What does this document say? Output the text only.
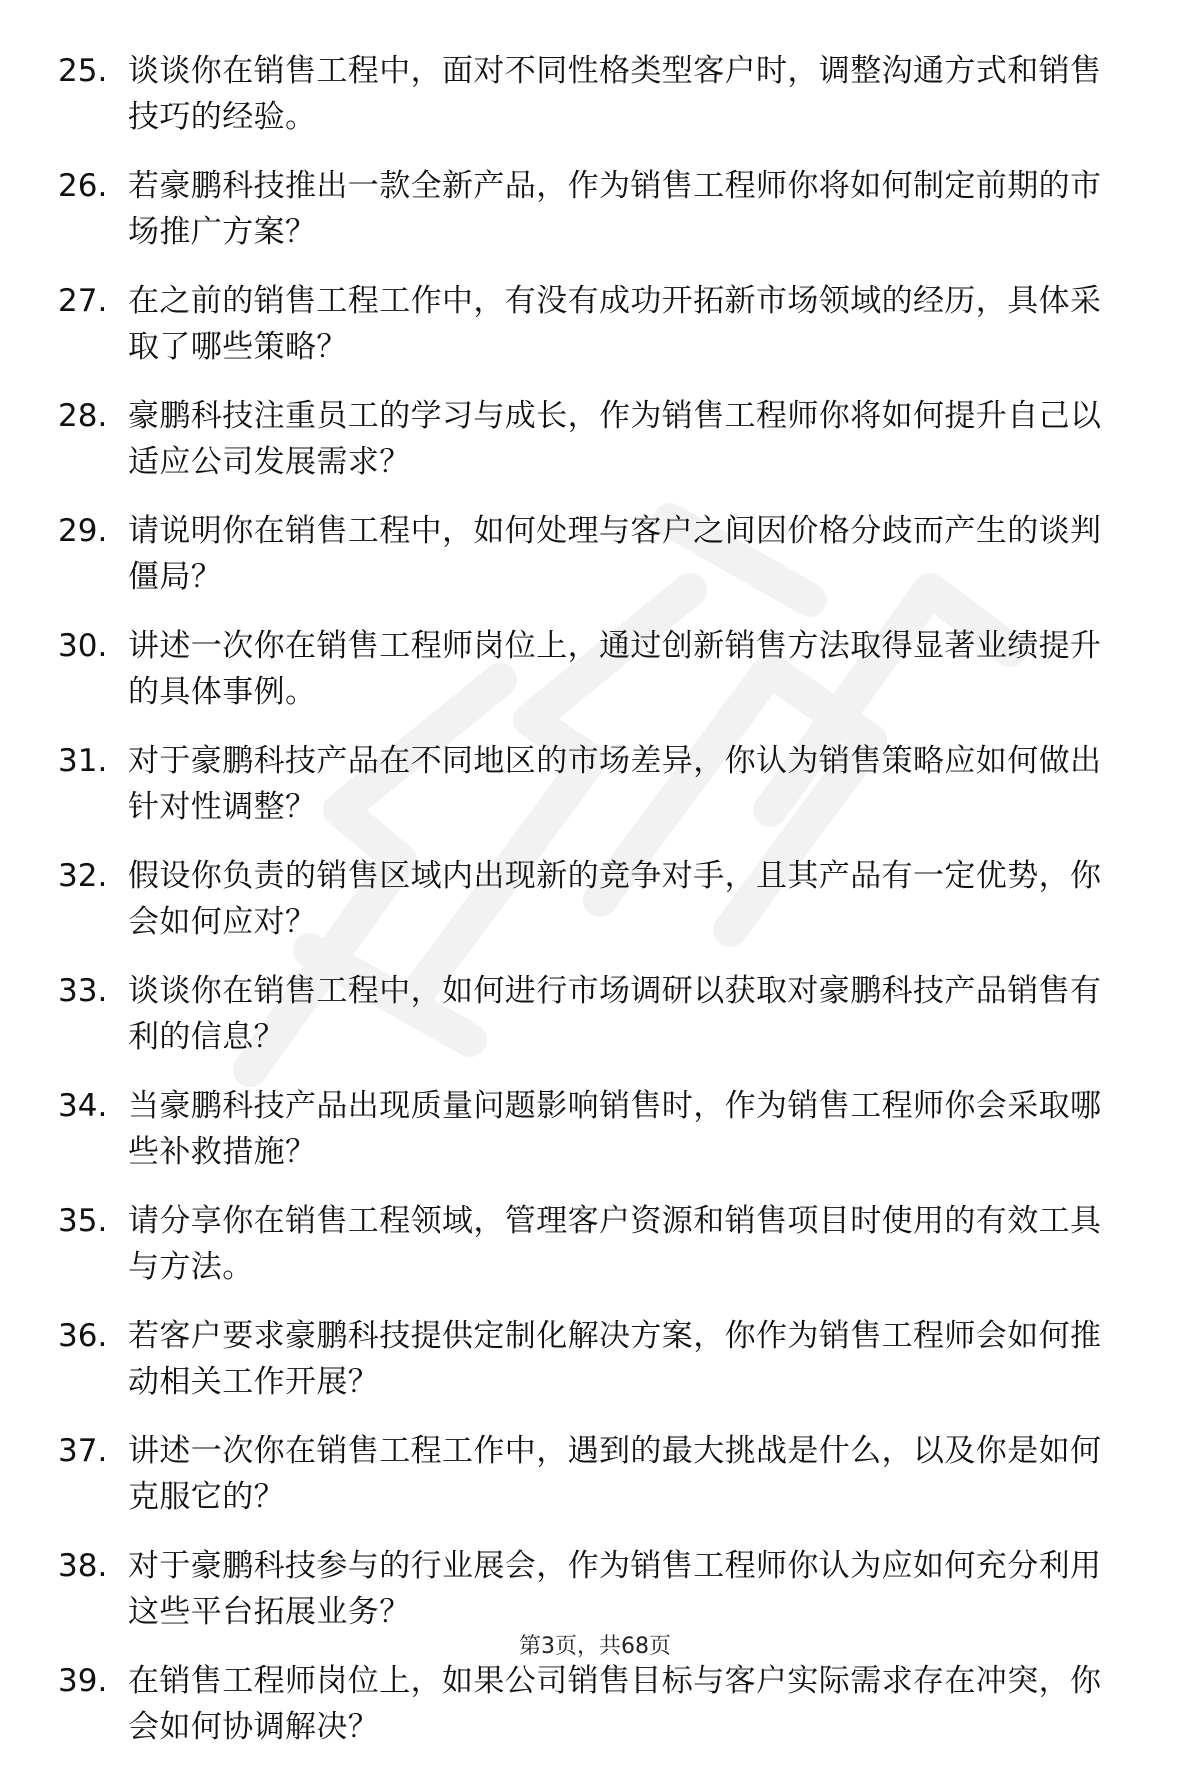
25. 谈谈你在销售工程中，面对不同性格类型客户时，调整沟通方式和销售技巧的经验。
26. 若豪鹏科技推出一款全新产品，作为销售工程师你将如何制定前期的市场推广方案？
27. 在之前的销售工程工作中，有没有成功开拓新市场领域的经历，具体采取了哪些策略？
28. 豪鹏科技注重员工的学习与成长，作为销售工程师你将如何提升自己以适应公司发展需求？
29. 请说明你在销售工程中，如何处理与客户之间因价格分歧而产生的谈判僵局？
30. 讲述一次你在销售工程师岗位上，通过创新销售方法取得显著业绩提升的具体事例。
31. 对于豪鹏科技产品在不同地区的市场差异，你认为销售策略应如何做出针对性调整？
32. 假设你负责的销售区域内出现新的竞争对手，且其产品有一定优势，你会如何应对？
33. 谈谈你在销售工程中，如何进行市场调研以获取对豪鹏科技产品销售有利的信息？
34. 当豪鹏科技产品出现质量问题影响销售时，作为销售工程师你会采取哪些补救措施？
35. 请分享你在销售工程领域，管理客户资源和销售项目时使用的有效工具与方法。
36. 若客户要求豪鹏科技提供定制化解决方案，你作为销售工程师会如何推动相关工作开展？
37. 讲述一次你在销售工程工作中，遇到的最大挑战是什么，以及你是如何克服它的？
38. 对于豪鹏科技参与的行业展会，作为销售工程师你认为应如何充分利用这些平台拓展业务？
39. 在销售工程师岗位上，如果公司销售目标与客户实际需求存在冲突，你会如何协调解决？
第3页，共68页
